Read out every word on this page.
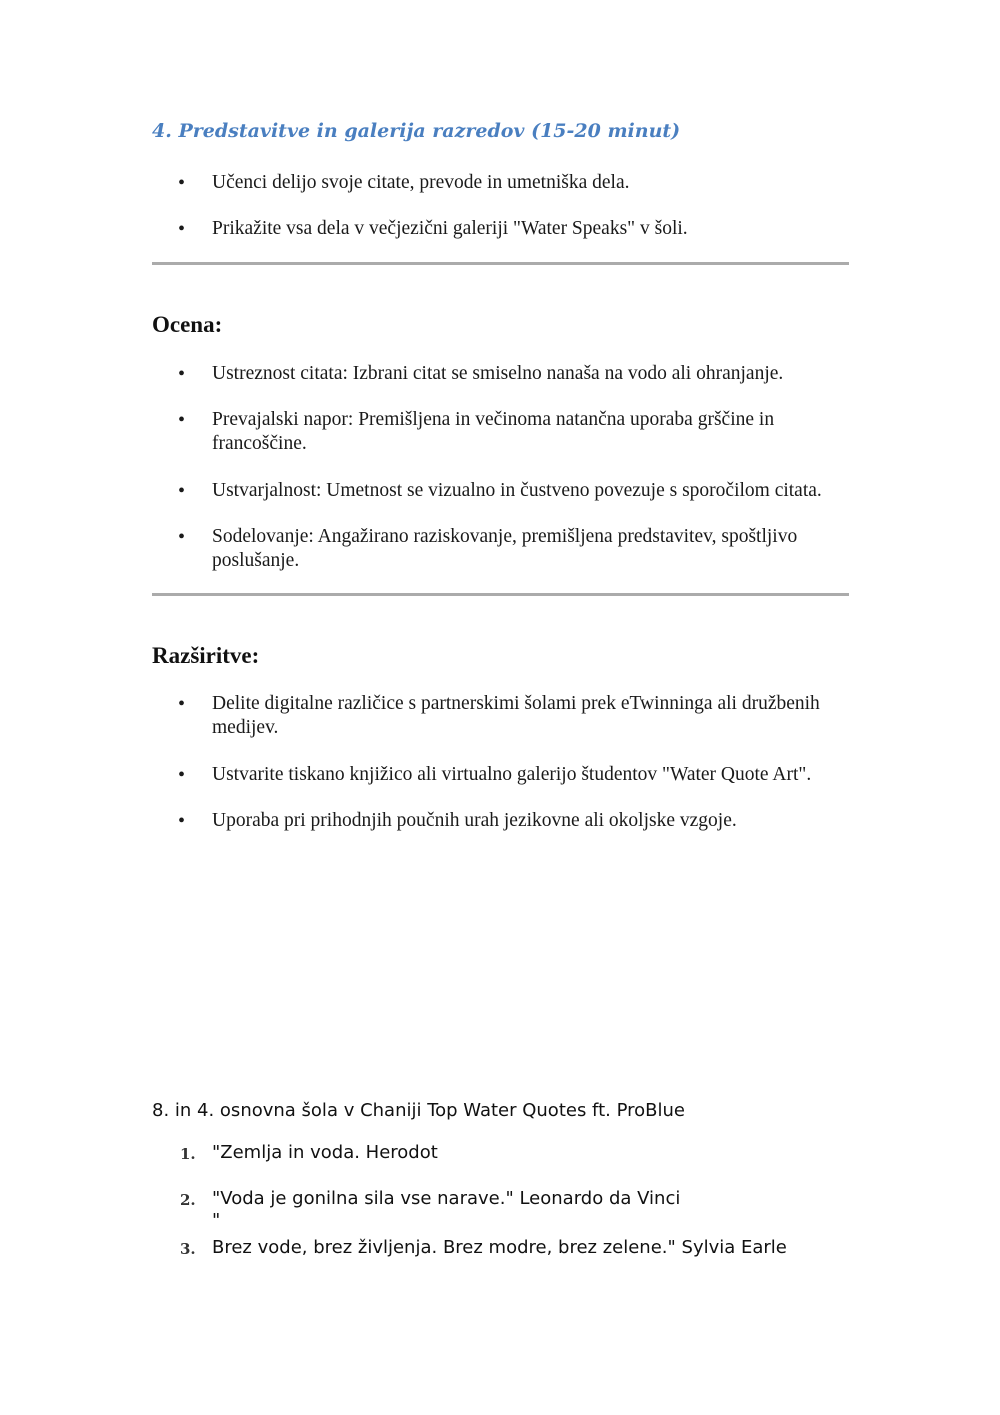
4. Predstavitve in galerija razredov (15-20 minut)
• Učenci delijo svoje citate, prevode in umetniška dela.
• Prikažite vsa dela v večjezični galeriji "Water Speaks" v šoli.
Ocena:
• Ustreznost citata: Izbrani citat se smiselno nanaša na vodo ali ohranjanje.
• Prevajalski napor: Premišljena in večinoma natančna uporaba grščine in francoščine.
• Ustvarjalnost: Umetnost se vizualno in čustveno povezuje s sporočilom citata.
• Sodelovanje: Angažirano raziskovanje, premišljena predstavitev, spoštljivo poslušanje.
Razširitve:
• Delite digitalne različice s partnerskimi šolami prek eTwinninga ali družbenih medijev.
• Ustvarite tiskano knjižico ali virtualno galerijo študentov "Water Quote Art".
• Uporaba pri prihodnjih poučnih urah jezikovne ali okoljske vzgoje.

8. in 4. osnovna šola v Chaniji Top Water Quotes ft. ProBlue

1. "Zemlja in voda. Herodot
2. "Voda je gonilna sila vse narave." Leonardo da Vinci
"
3. Brez vode, brez življenja. Brez modre, brez zelene." Sylvia Earle
